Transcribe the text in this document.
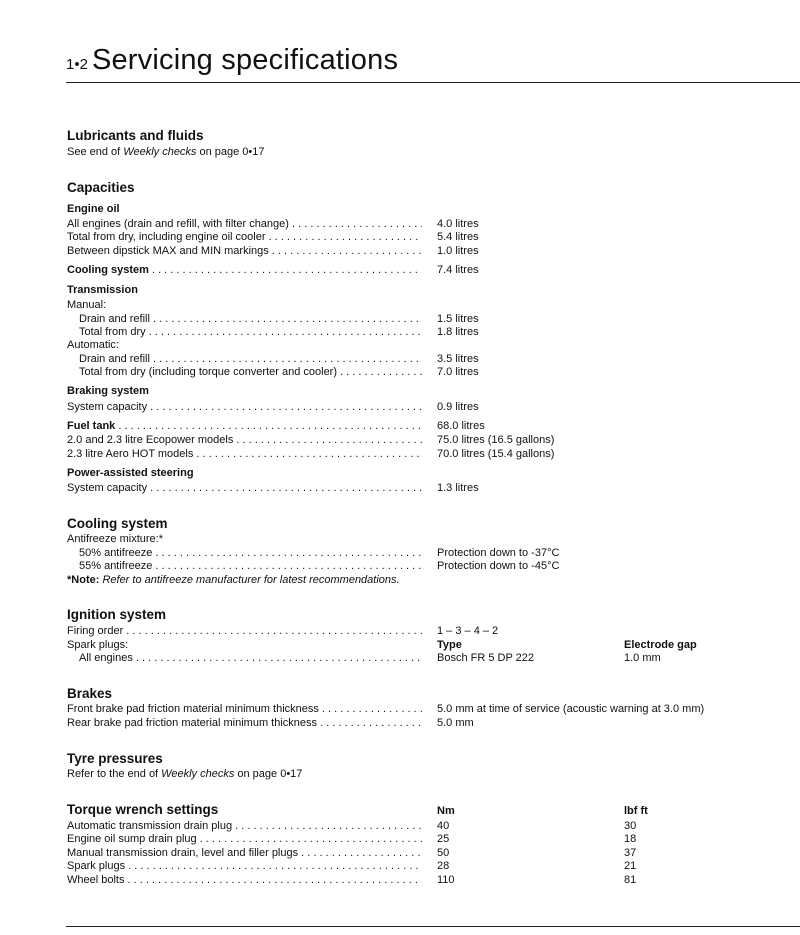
1•2 Servicing specifications
Lubricants and fluids
See end of Weekly checks on page 0•17
Capacities
Engine oil
All engines (drain and refill, with filter change) . . .	4.0 litres
Total from dry, including engine oil cooler . . .	5.4 litres
Between dipstick MAX and MIN markings . . .	1.0 litres
Cooling system . . .	7.4 litres
Transmission
Manual:
Drain and refill . . .	1.5 litres
Total from dry . . .	1.8 litres
Automatic:
Drain and refill . . .	3.5 litres
Total from dry (including torque converter and cooler) . . .	7.0 litres
Braking system
System capacity . . .	0.9 litres
Fuel tank . . .	68.0 litres
2.0 and 2.3 litre Ecopower models . . .	75.0 litres (16.5 gallons)
2.3 litre Aero HOT models . . .	70.0 litres (15.4 gallons)
Power-assisted steering
System capacity . . .	1.3 litres
Cooling system
Antifreeze mixture:*
50% antifreeze . . .	Protection down to -37°C
55% antifreeze . . .	Protection down to -45°C
*Note: Refer to antifreeze manufacturer for latest recommendations.
Ignition system
Firing order . . .	1 – 3 – 4 – 2
Spark plugs:	Type	Electrode gap
All engines . . .	Bosch FR 5 DP 222	1.0 mm
Brakes
Front brake pad friction material minimum thickness . . .	5.0 mm at time of service (acoustic warning at 3.0 mm)
Rear brake pad friction material minimum thickness . . .	5.0 mm
Tyre pressures
Refer to the end of Weekly checks on page 0•17
Torque wrench settings	Nm	lbf ft
Automatic transmission drain plug . . .	40	30
Engine oil sump drain plug . . .	25	18
Manual transmission drain, level and filler plugs . . .	50	37
Spark plugs . . .	28	21
Wheel bolts . . .	110	81
